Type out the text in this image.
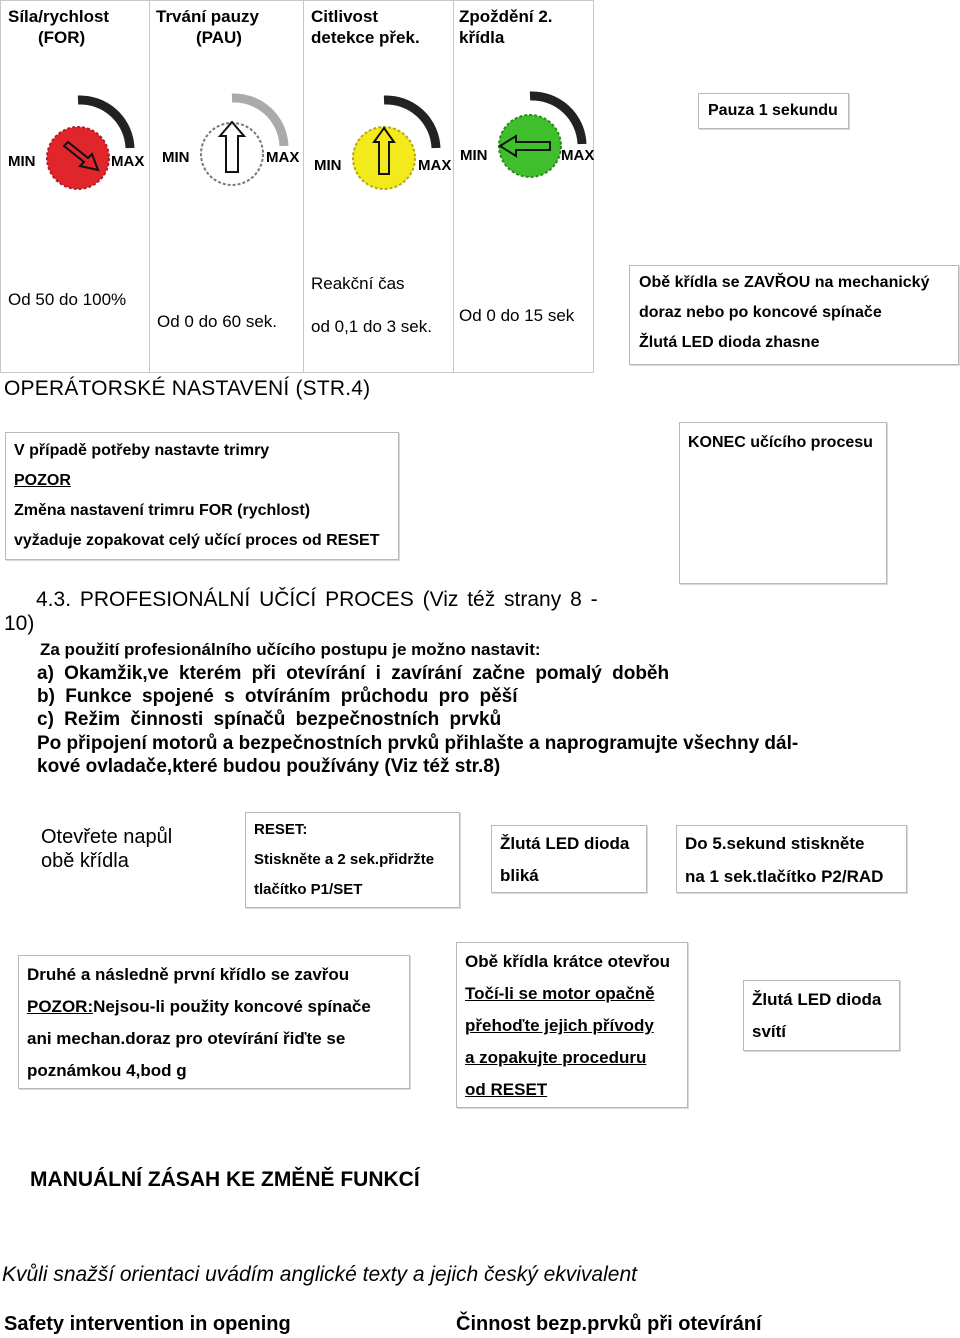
Síla/rychlost
(FOR)
Trvání pauzy
(PAU)
Citlivost
detekce přek.
Zpoždění 2.
křídla
MIN	MAX MIN	MAX MIN	MAX
MIN	MAX
Od 50 do 100%
Od 0 do 60 sek.
Reakční čas
od 0,1 do 3 sek.
Od 0 do 15 sek
Pauza 1 sekundu
Obě křídla se ZAVŘOU na mechanický
doraz nebo po koncové spínače
Žlutá LED dioda zhasne
OPERÁTORSKÉ NASTAVENÍ (STR.4)
V případě potřeby nastavte trimry
POZOR
Změna nastavení trimru FOR (rychlost)
vyžaduje zopakovat celý učící proces od RESET
KONEC učícího procesu
4.3. PROFESIONÁLNÍ UČÍCÍ PROCES (Viz též strany 8 -
10)
Za použití profesionálního učícího postupu je možno nastavit:
a) Okamžik,ve kterém při otevírání i zavírání začne pomalý doběh
b) Funkce spojené s otvíráním průchodu pro pěší
c) Režim činnosti spínačů bezpečnostních prvků
Po připojení motorů a bezpečnostních prvků přihlašte a naprogramujte všechny dál-
kové ovladače,které budou používány (Viz též str.8)
Otevřete napůl
obě křídla
RESET:
Stiskněte a 2 sek.přidržte
tlačítko P1/SET
Žlutá LED dioda
bliká
Do 5.sekund stiskněte
na 1 sek.tlačítko P2/RAD
Druhé a následně první křídlo se zavřou
POZOR:Nejsou-li použity koncové spínače
ani mechan.doraz pro otevírání řiďte se
poznámkou 4,bod g
Obě křídla krátce otevřou
Točí-li se motor opačně
přehoďte jejich přívody
a zopakujte proceduru
od RESET
Žlutá LED dioda
svítí
MANUÁLNÍ ZÁSAH KE ZMĚNĚ FUNKCÍ
Kvůli snažší orientaci uvádím anglické texty a jejich český ekvivalent
Safety intervention in opening	Činnost bezp.prvků při otevírání
